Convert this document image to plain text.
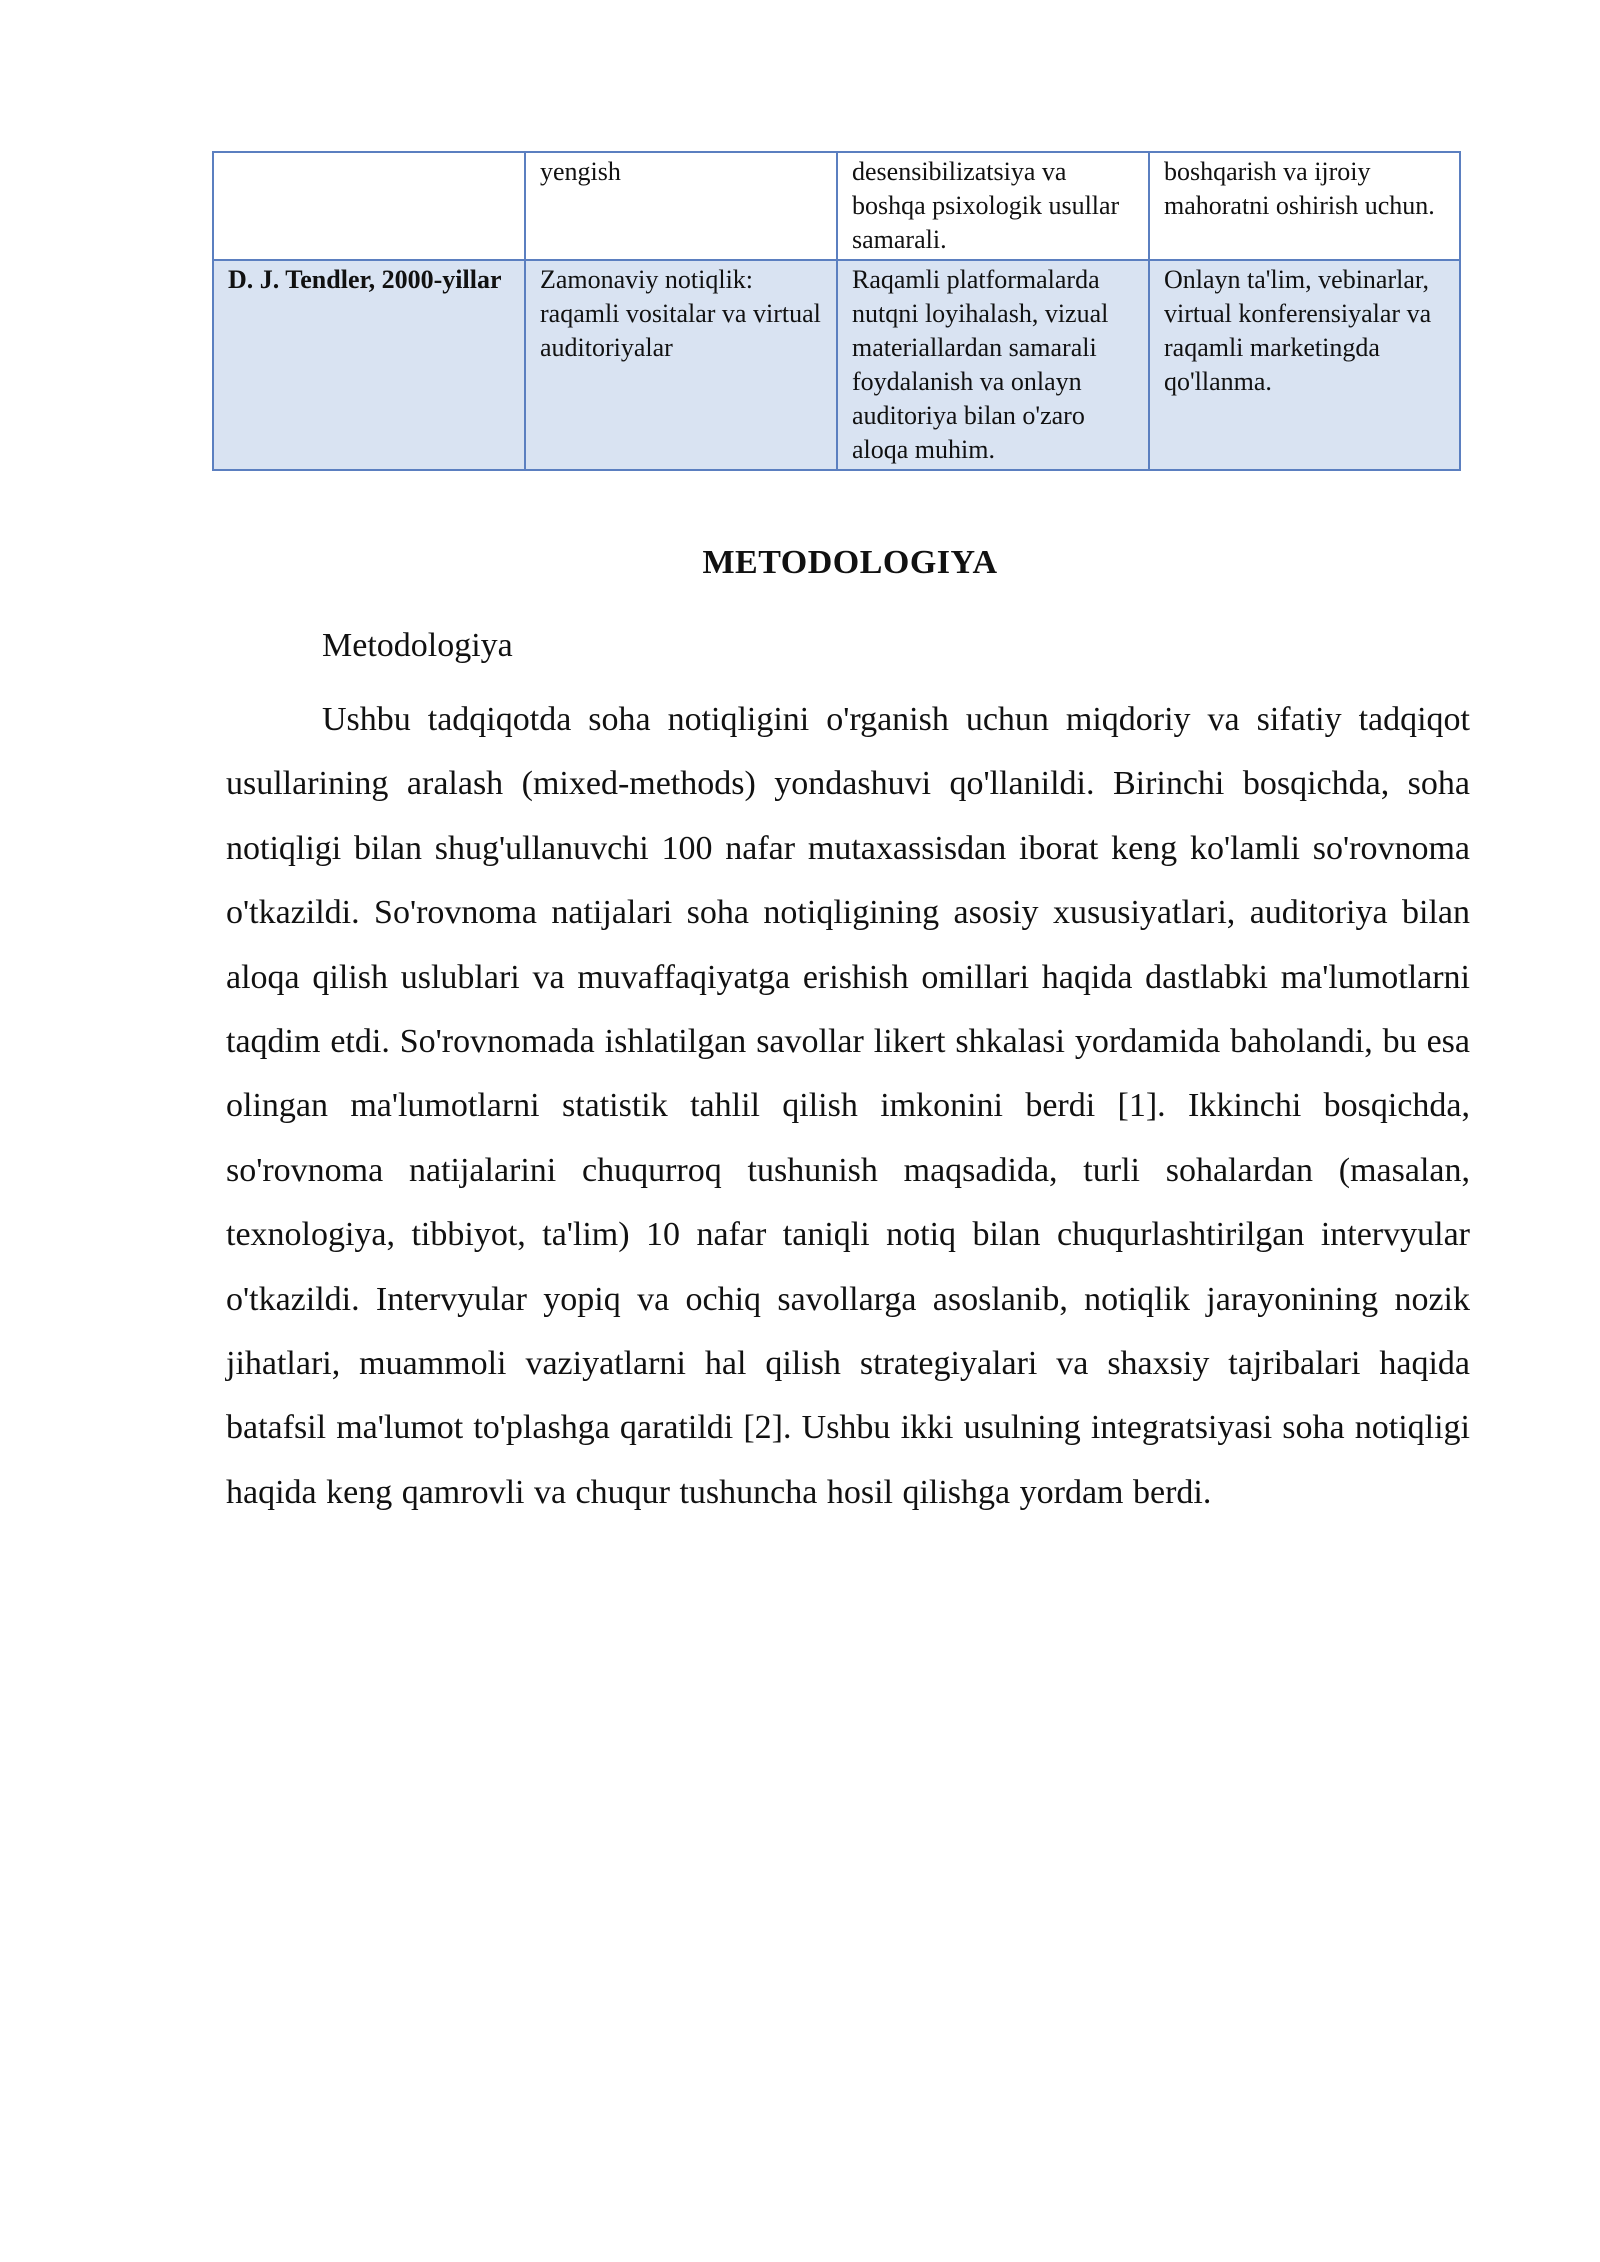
	yengish	desensibilizatsiya va boshqa psixologik usullar samarali.	boshqarish va ijroiy mahoratni oshirish uchun.
D. J. Tendler, 2000-yillar	Zamonaviy notiqlik: raqamli vositalar va virtual auditoriyalar	Raqamli platformalarda nutqni loyihalash, vizual materiallardan samarali foydalanish va onlayn auditoriya bilan o'zaro aloqa muhim.	Onlayn ta'lim, vebinarlar, virtual konferensiyalar va raqamli marketingda qo'llanma.
METODOLOGIYA
Metodologiya

Ushbu tadqiqotda soha notiqligini o'rganish uchun miqdoriy va sifatiy tadqiqot usullarining aralash (mixed-methods) yondashuvi qo'llanildi. Birinchi bosqichda, soha notiqligi bilan shug'ullanuvchi 100 nafar mutaxassisdan iborat keng ko'lamli so'rovnoma o'tkazildi. So'rovnoma natijalari soha notiqligining asosiy xususiyatlari, auditoriya bilan aloqa qilish uslublari va muvaffaqiyatga erishish omillari haqida dastlabki ma'lumotlarni taqdim etdi. So'rovnomada ishlatilgan savollar likert shkalasi yordamida baholandi, bu esa olingan ma'lumotlarni statistik tahlil qilish imkonini berdi [1]. Ikkinchi bosqichda, so'rovnoma natijalarini chuqurroq tushunish maqsadida, turli sohalardan (masalan, texnologiya, tibbiyot, ta'lim) 10 nafar taniqli notiq bilan chuqurlashtirilgan intervyular o'tkazildi. Intervyular yopiq va ochiq savollarga asoslanib, notiqlik jarayonining nozik jihatlari, muammoli vaziyatlarni hal qilish strategiyalari va shaxsiy tajribalari haqida batafsil ma'lumot to'plashga qaratildi [2]. Ushbu ikki usulning integratsiyasi soha notiqligi haqida keng qamrovli va chuqur tushuncha hosil qilishga yordam berdi.
